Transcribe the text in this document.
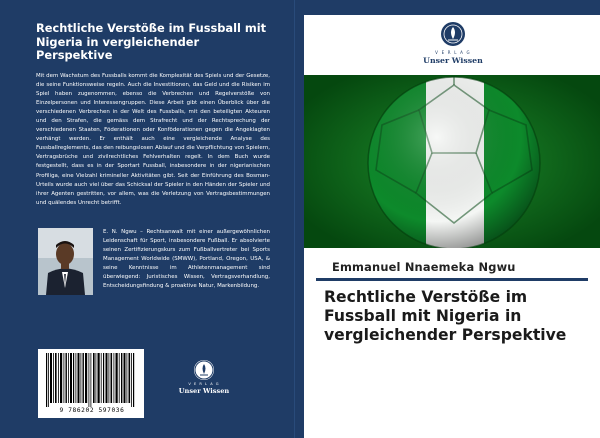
Rechtliche Verstöße im Fussball mit Nigeria in vergleichender Perspektive
Mit dem Wachstum des Fussballs kommt die Komplexität des Spiels und der Gesetze, die seine Funktionsweise regeln. Auch die Investitionen, das Geld und die Risiken im Spiel haben zugenommen, ebenso die Verbrechen und Regelverstöße von Einzelpersonen und Interessengruppen. Diese Arbeit gibt einen Überblick über die verschiedenen Verbrechen in der Welt des Fussballs, mit den beteiligten Akteuren und den Strafen, die gemäss dem Strafrecht und der Rechtsprechung der verschiedenen Staaten, Föderationen oder Konföderationen gegen die Angeklagten verhängt werden. Er enthält auch eine vergleichende Analyse des Fussballreglements, das den reibungslosen Ablauf und die Verpflichtung von Spielern, Vertragsbrüche und zivilrechtliches Fehlverhalten regelt. In dem Buch wurde festgestellt, dass es in der Sportart Fussball, insbesondere in der nigerianischen Profiliga, eine Vielzahl krimineller Aktivitäten gibt. Seit der Einführung des Bosman-Urteils wurde auch viel über das Schicksal der Spieler in den Händen der Spieler und ihrer Agenten gestritten, vor allem, was die Verletzung von Vertragsbestimmungen und quälendes Unrecht betrifft.
E. N. Ngwu – Rechtsanwalt mit einer außergewöhnlichen Leidenschaft für Sport, insbesondere Fußball. Er absolvierte seinen Zertifizierungskurs zum Fußballvertreter bei Sports Management Worldwide (SMWW), Portland, Oregon, USA, & seine Kenntnisse im Athletenmanagement sind überwiegend: Juristisches Wissen, Vertragsverhandlung, Entscheidungsfindung & proaktive Natur, Markenbildung.
9 786202 597036
V E R L A G
Unser Wissen
V E R L A G
Unser Wissen
Emmanuel Nnaemeka Ngwu
Rechtliche Verstöße im Fussball mit Nigeria in vergleichender Perspektive
